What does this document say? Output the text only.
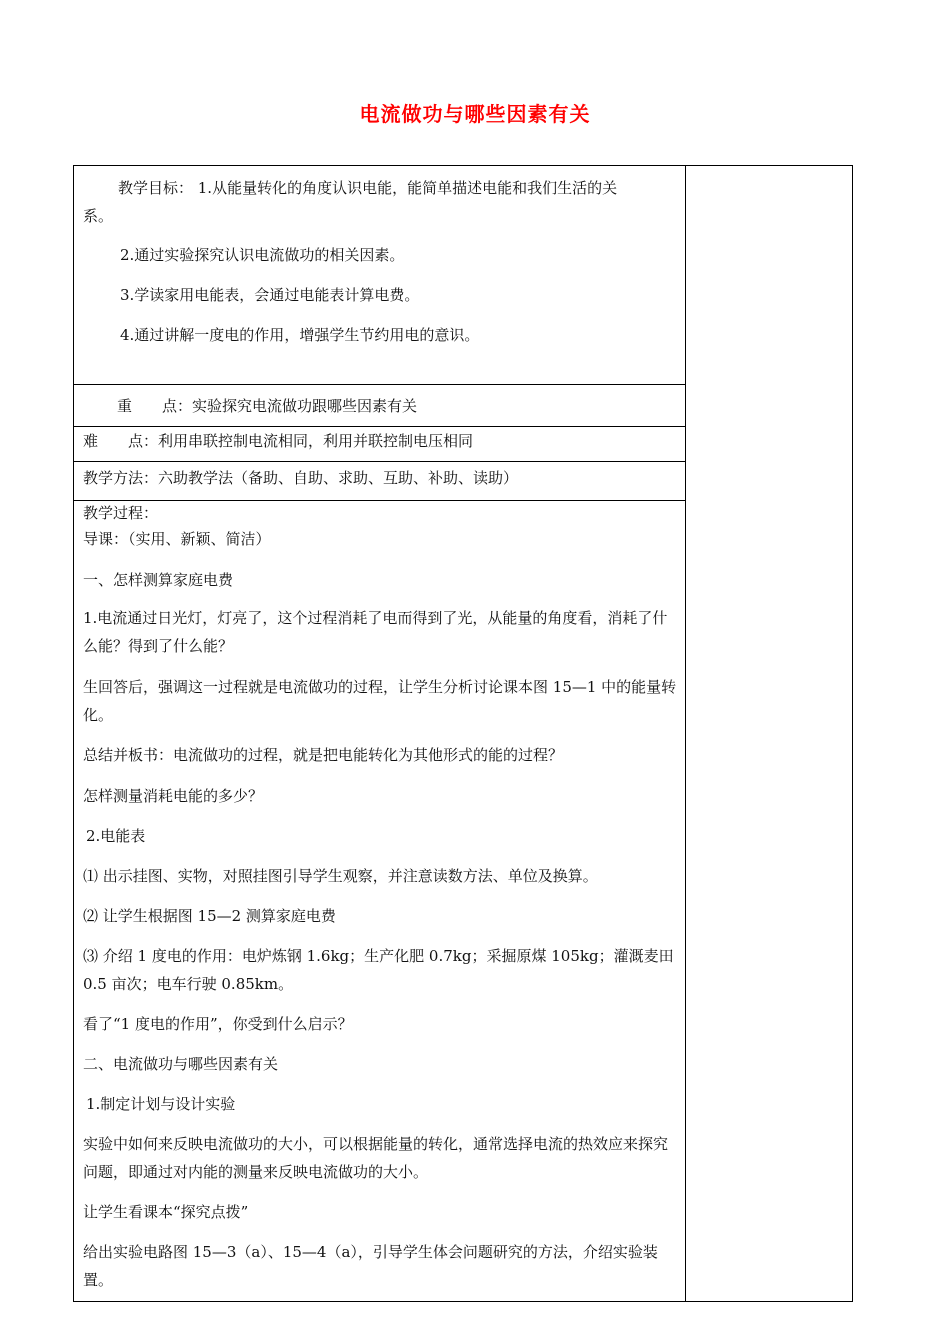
电流做功与哪些因素有关
教学目标： 1.从能量转化的角度认识电能，能简单描述电能和我们生活的关
系。
2.通过实验探究认识电流做功的相关因素。
3.学读家用电能表，会通过电能表计算电费。
4.通过讲解一度电的作用，增强学生节约用电的意识。
重　　点：实验探究电流做功跟哪些因素有关
难　　点：利用串联控制电流相同，利用并联控制电压相同
教学方法：六助教学法（备助、自助、求助、互助、补助、读助）
教学过程：
导课：（实用、新颖、简洁）
一、怎样测算家庭电费
1.电流通过日光灯，灯亮了，这个过程消耗了电而得到了光，从能量的角度看，消耗了什么能？得到了什么能？
生回答后，强调这一过程就是电流做功的过程，让学生分析讨论课本图 15—1 中的能量转化。
总结并板书：电流做功的过程，就是把电能转化为其他形式的能的过程？
怎样测量消耗电能的多少？
2.电能表
⑴ 出示挂图、实物，对照挂图引导学生观察，并注意读数方法、单位及换算。
⑵ 让学生根据图 15—2 测算家庭电费
⑶ 介绍 1 度电的作用：电炉炼钢 1.6kg；生产化肥 0.7kg；采掘原煤 105kg；灌溉麦田 0.5 亩次；电车行驶 0.85km。
看了“1 度电的作用”，你受到什么启示？
二、电流做功与哪些因素有关
1.制定计划与设计实验
实验中如何来反映电流做功的大小，可以根据能量的转化，通常选择电流的热效应来探究问题，即通过对内能的测量来反映电流做功的大小。
让学生看课本“探究点拨”
给出实验电路图 15—3（a）、15—4（a），引导学生体会问题研究的方法，介绍实验装置。
